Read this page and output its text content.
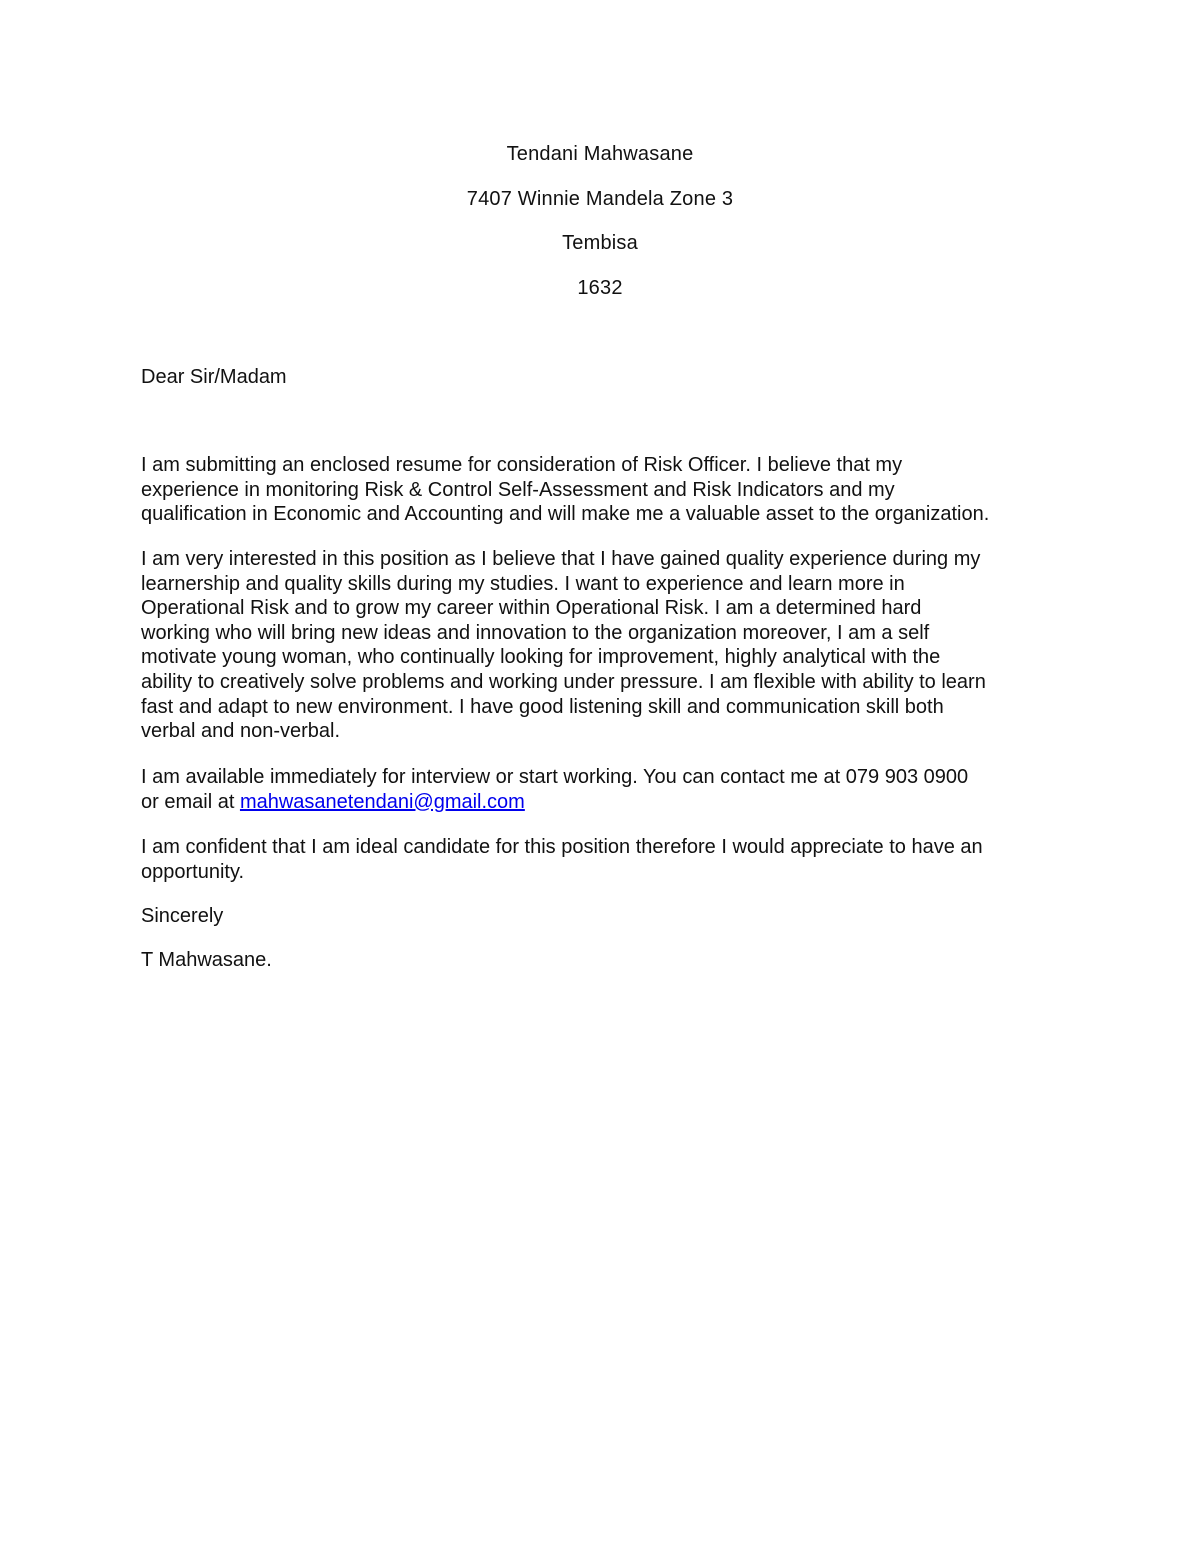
Tendani Mahwasane
7407 Winnie Mandela Zone 3
Tembisa
1632

Dear Sir/Madam

I am submitting an enclosed resume for consideration of Risk Officer. I believe that my
experience in monitoring Risk & Control Self-Assessment and Risk Indicators and my
qualification in Economic and Accounting and will make me a valuable asset to the organization.

I am very interested in this position as I believe that I have gained quality experience during my
learnership and quality skills during my studies. I want to experience and learn more in
Operational Risk and to grow my career within Operational Risk. I am a determined hard
working who will bring new ideas and innovation to the organization moreover, I am a self
motivate young woman, who continually looking for improvement, highly analytical with the
ability to creatively solve problems and working under pressure. I am flexible with ability to learn
fast and adapt to new environment. I have good listening skill and communication skill both
verbal and non-verbal.

I am available immediately for interview or start working. You can contact me at 079 903 0900
or email at mahwasanetendani@gmail.com

I am confident that I am ideal candidate for this position therefore I would appreciate to have an
opportunity.

Sincerely

T Mahwasane.
